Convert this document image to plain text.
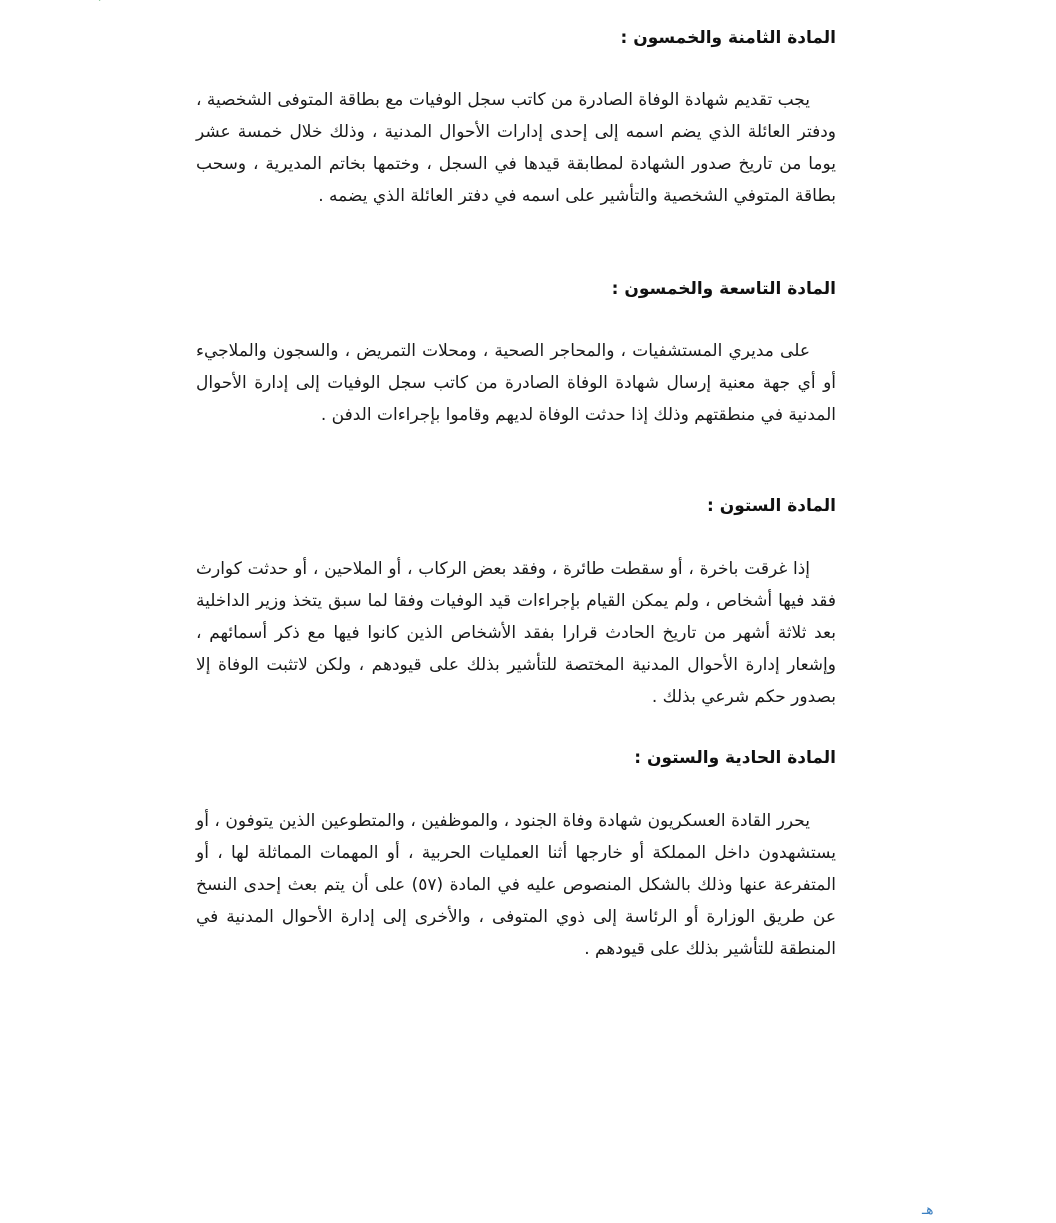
المادة الثامنة والخمسون :
يجب تقديم شهادة الوفاة الصادرة من كاتب سجل الوفيات مع بطاقة المتوفى الشخصية ، ودفتر العائلة الذي يضم اسمه إلى إحدى إدارات الأحوال المدنية ، وذلك خلال خمسة عشر يوما من تاريخ صدور الشهادة لمطابقة قيدها في السجل ، وختمها بخاتم المديرية ، وسحب بطاقة المتوفي الشخصية والتأشير على اسمه في دفتر العائلة الذي يضمه .
المادة التاسعة والخمسون :
على مديري المستشفيات ، والمحاجر الصحية ، ومحلات التمريض ، والسجون والملاجيء أو أي جهة معنية إرسال شهادة الوفاة الصادرة من كاتب سجل الوفيات إلى إدارة الأحوال المدنية في منطقتهم وذلك إذا حدثت الوفاة لديهم وقاموا بإجراءات الدفن .
المادة الستون :
إذا غرقت باخرة ، أو سقطت طائرة ، وفقد بعض الركاب ، أو الملاحين ، أو حدثت كوارث فقد فيها أشخاص ، ولم يمكن القيام بإجراءات قيد الوفيات وفقا لما سبق يتخذ وزير الداخلية بعد ثلاثة أشهر من تاريخ الحادث قرارا بفقد الأشخاص الذين كانوا فيها مع ذكر أسمائهم ، وإشعار إدارة الأحوال المدنية المختصة للتأشير بذلك على قيودهم ، ولكن لاتثبت الوفاة إلا بصدور حكم شرعي بذلك .
المادة الحادية والستون :
يحرر القادة العسكريون شهادة وفاة الجنود ، والموظفين ، والمتطوعين الذين يتوفون ، أو يستشهدون داخل المملكة أو خارجها أثنا العمليات الحربية ، أو المهمات المماثلة لها ، أو المتفرعة عنها وذلك بالشكل المنصوص عليه في المادة (٥٧) على أن يتم بعث إحدى النسخ عن طريق الوزارة أو الرئاسة إلى ذوي المتوفى ، والأخرى إلى إدارة الأحوال المدنية في المنطقة للتأشير بذلك على قيودهم .
هـ
